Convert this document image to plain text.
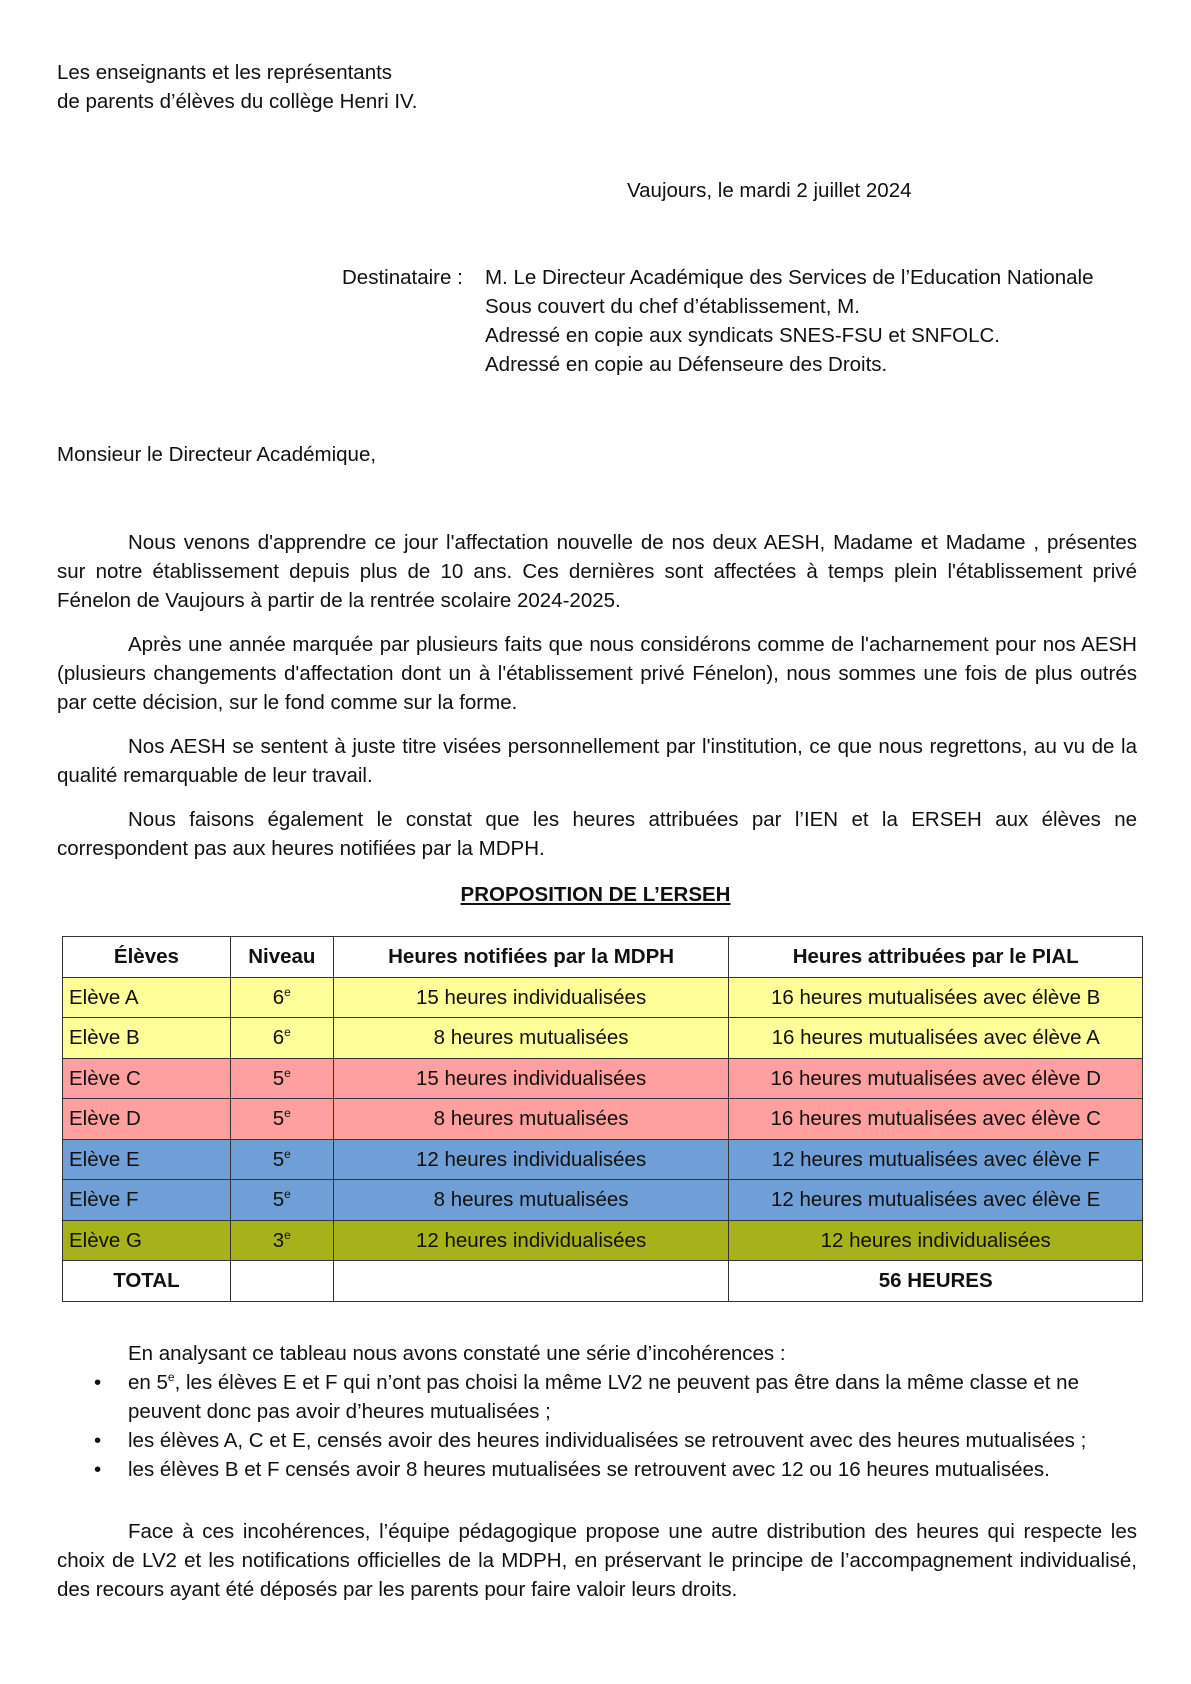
Les enseignants et les représentants
de parents d’élèves du collège Henri IV.
Vaujours, le mardi 2 juillet 2024
Destinataire : M. Le Directeur Académique des Services de l’Education Nationale
Sous couvert du chef d’établissement, M.
Adressé en copie aux syndicats SNES-FSU et SNFOLC.
Adressé en copie au Défenseure des Droits.
Monsieur le Directeur Académique,

Nous venons d'apprendre ce jour l'affectation nouvelle de nos deux AESH, Madame et Madame , présentes sur notre établissement depuis plus de 10 ans. Ces dernières sont affectées à temps plein l'établissement privé Fénelon de Vaujours à partir de la rentrée scolaire 2024-2025.

Après une année marquée par plusieurs faits que nous considérons comme de l'acharnement pour nos AESH (plusieurs changements d'affectation dont un à l'établissement privé Fénelon), nous sommes une fois de plus outrés par cette décision, sur le fond comme sur la forme.

Nos AESH se sentent à juste titre visées personnellement par l'institution, ce que nous regrettons, au vu de la qualité remarquable de leur travail.

Nous faisons également le constat que les heures attribuées par l’IEN et la ERSEH aux élèves ne correspondent pas aux heures notifiées par la MDPH.

PROPOSITION DE L’ERSEH
Élèves	Niveau	Heures notifiées par la MDPH	Heures attribuées par le PIAL
Elève A	6e	15 heures individualisées	16 heures mutualisées avec élève B
Elève B	6e	8 heures mutualisées	16 heures mutualisées avec élève A
Elève C	5e	15 heures individualisées	16 heures mutualisées avec élève D
Elève D	5e	8 heures mutualisées	16 heures mutualisées avec élève C
Elève E	5e	12 heures individualisées	12 heures mutualisées avec élève F
Elève F	5e	8 heures mutualisées	12 heures mutualisées avec élève E
Elève G	3e	12 heures individualisées	12 heures individualisées
TOTAL			56 HEURES
En analysant ce tableau nous avons constaté une série d’incohérences :
• en 5e, les élèves E et F qui n’ont pas choisi la même LV2 ne peuvent pas être dans la même classe et ne peuvent donc pas avoir d’heures mutualisées ;
• les élèves A, C et E, censés avoir des heures individualisées se retrouvent avec des heures mutualisées ;
• les élèves B et F censés avoir 8 heures mutualisées se retrouvent avec 12 ou 16 heures mutualisées.

Face à ces incohérences, l’équipe pédagogique propose une autre distribution des heures qui respecte les choix de LV2 et les notifications officielles de la MDPH, en préservant le principe de l’accompagnement individualisé, des recours ayant été déposés par les parents pour faire valoir leurs droits.
